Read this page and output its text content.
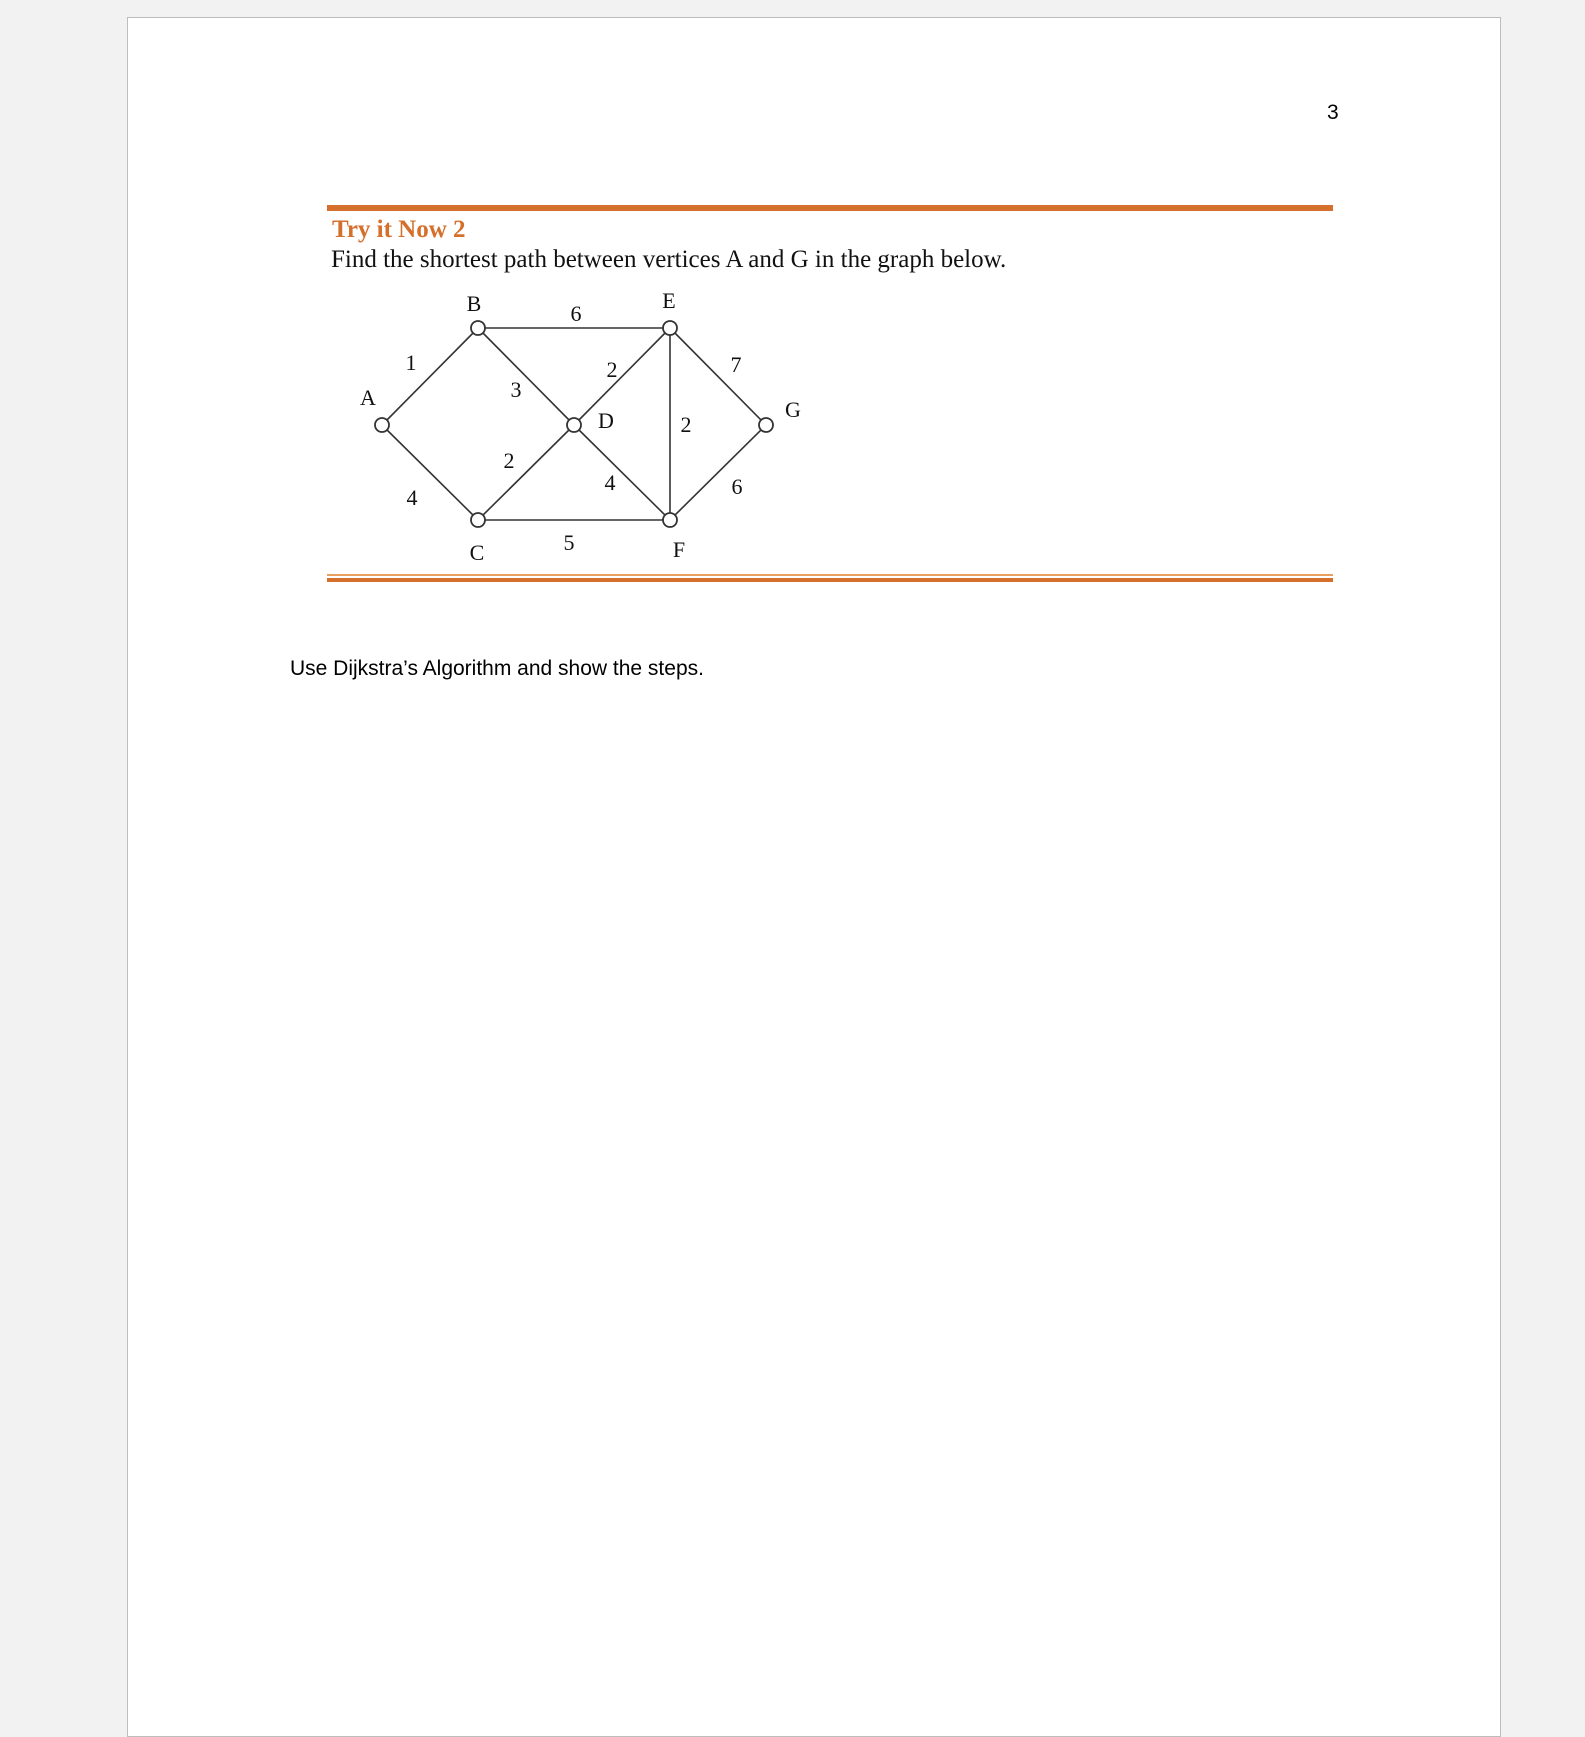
3
Try it Now 2
Find the shortest path between vertices A and G in the graph below.
1
4
6
3
2
5
2
4
2
7
6
A
B
C
D
E
F
G
Use Dijkstra’s Algorithm and show the steps.
